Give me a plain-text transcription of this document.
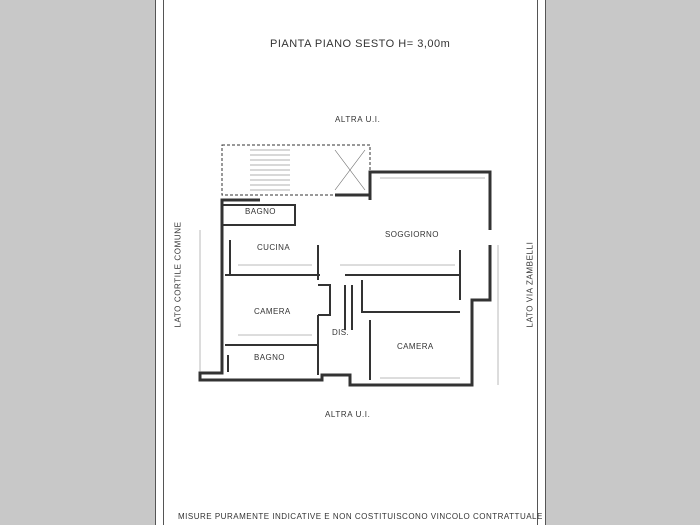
PIANTA PIANO SESTO H= 3,00m
ALTRA U.I.
ALTRA U.I.
LATO CORTILE COMUNE	LATO VIA ZAMBELLI
MISURE PURAMENTE INDICATIVE E NON COSTITUISCONO VINCOLO CONTRATTUALE
BAGNO
CUCINA
SOGGIORNO
CAMERA
DIS.
CAMERA
BAGNO
